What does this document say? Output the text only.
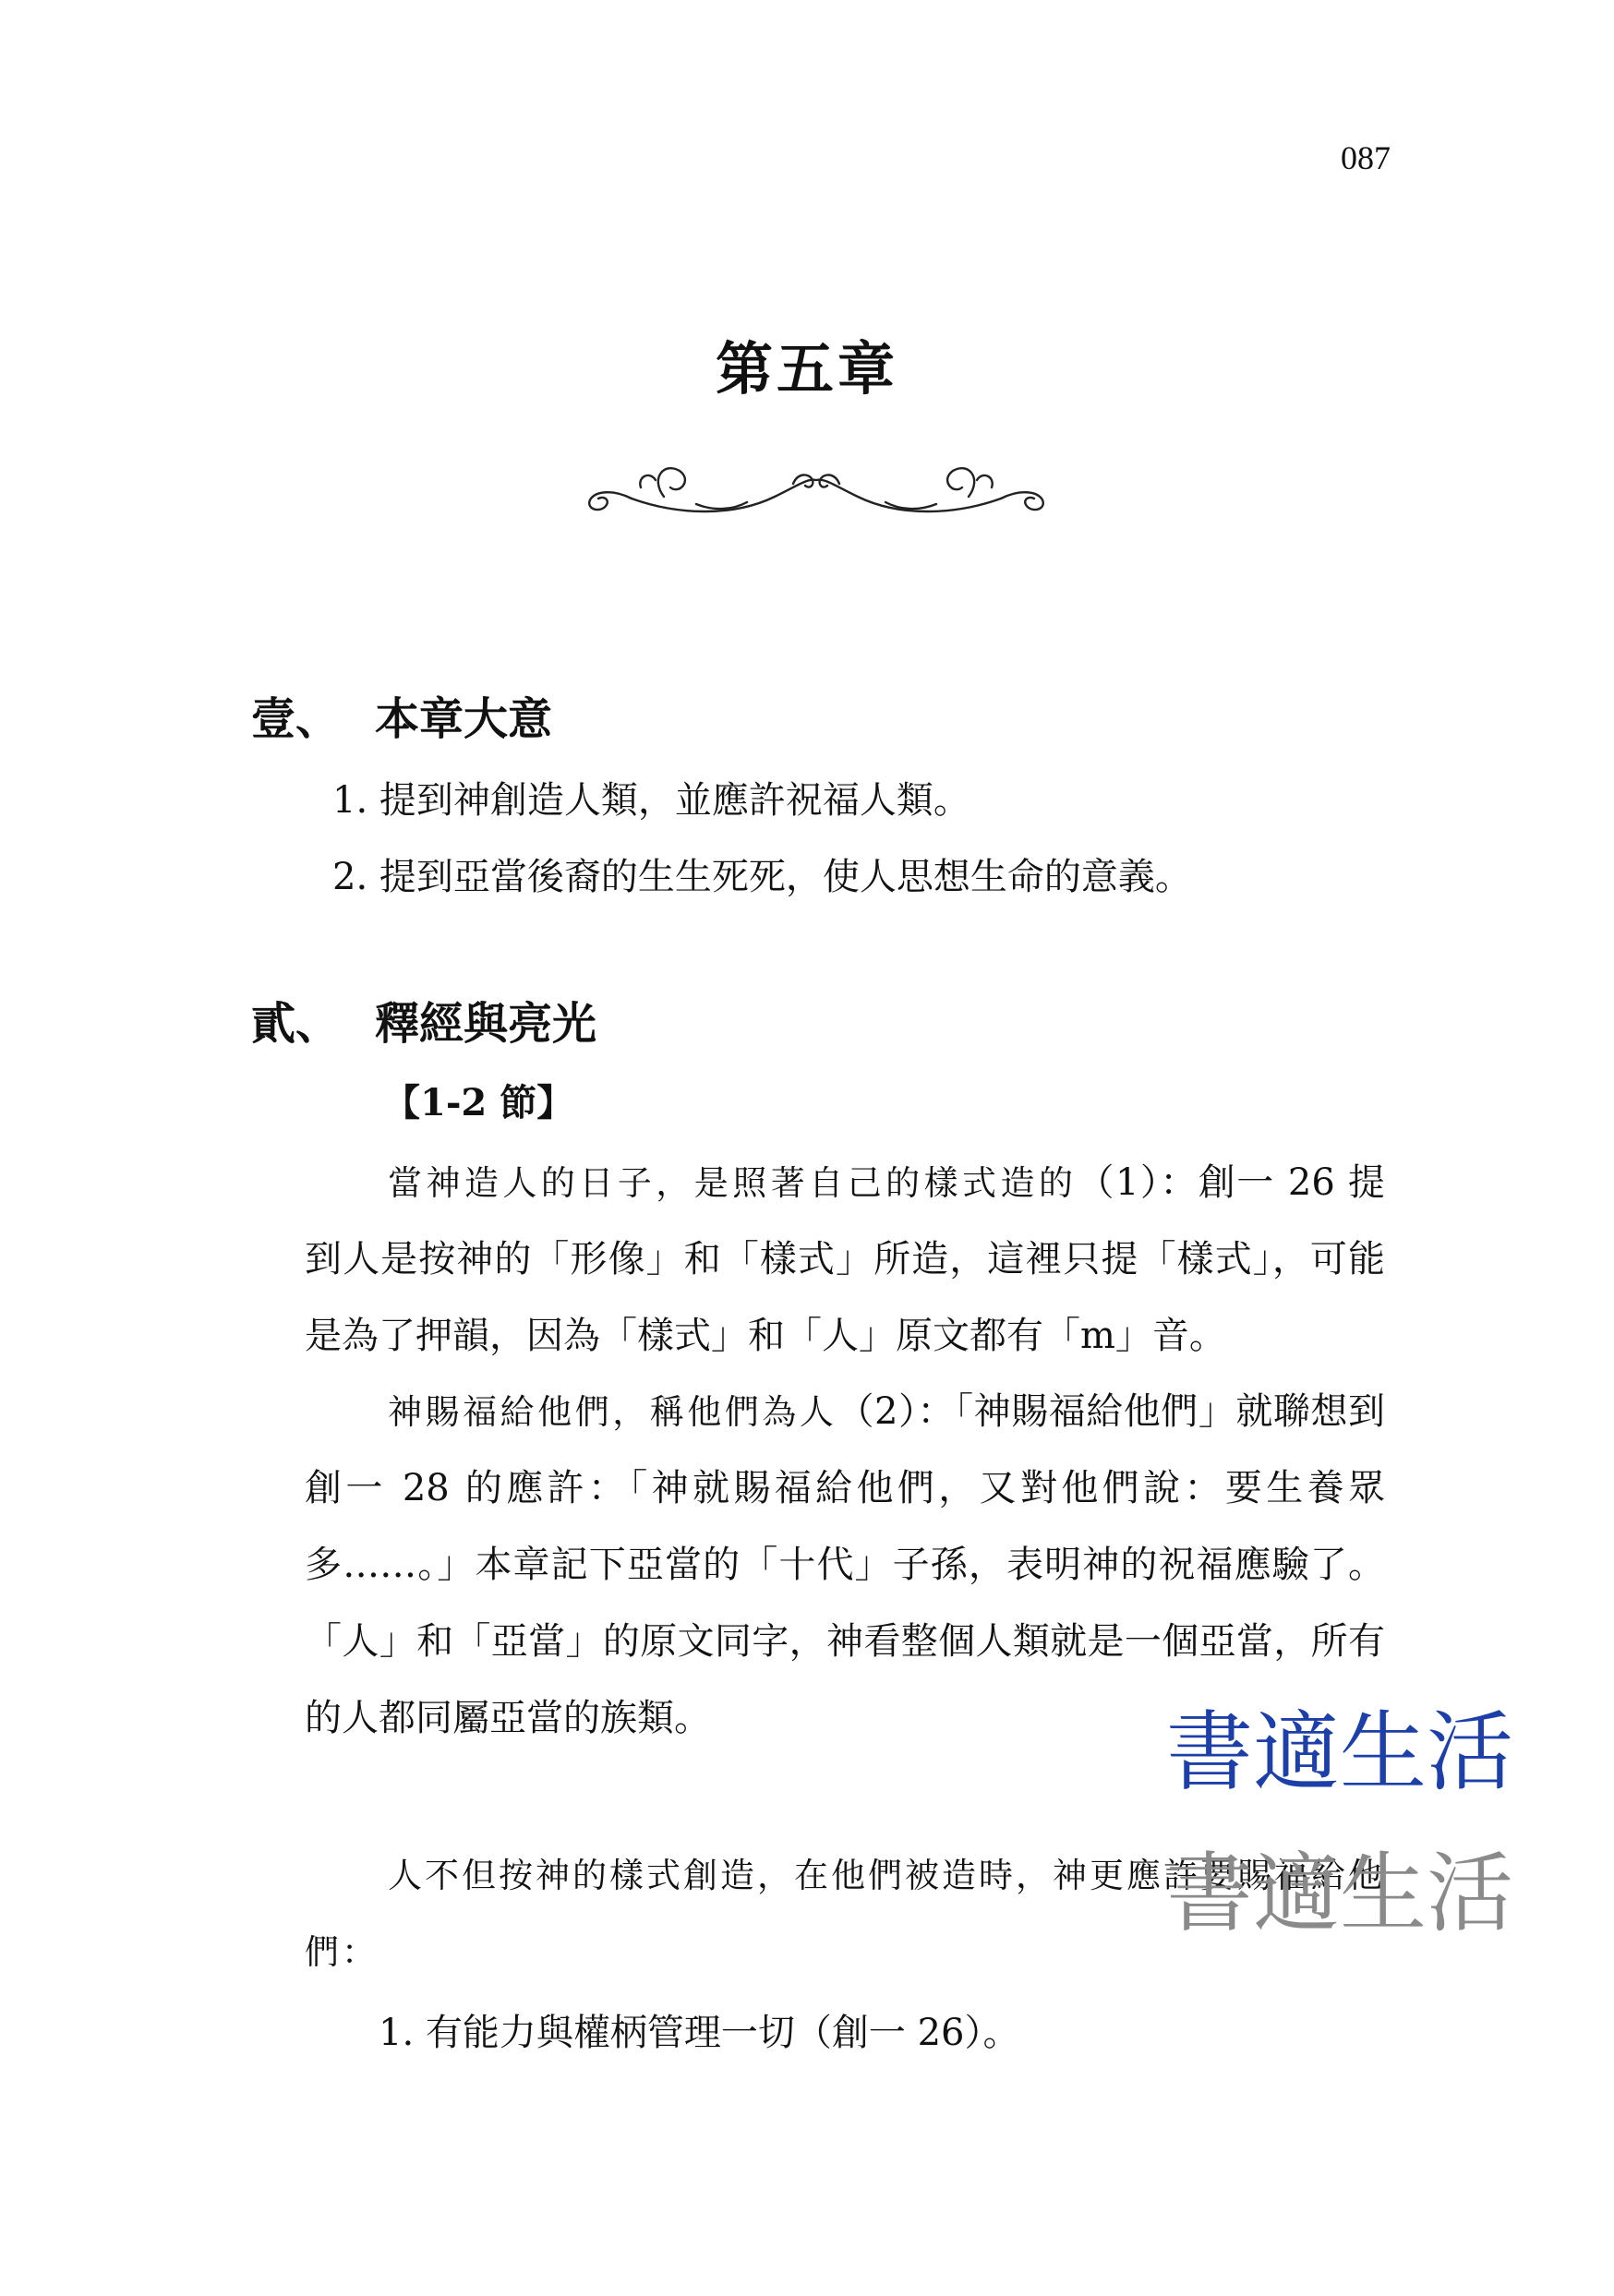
087
第五章
壹、 本章大意
1. 提到神創造人類，並應許祝福人類。
2. 提到亞當後裔的生生死死，使人思想生命的意義。
貳、 釋經與亮光
【1-2 節】
當神造人的日子，是照著自己的樣式造的（1）：創一 26 提到人是按神的「形像」和「樣式」所造，這裡只提「樣式」，可能是為了押韻，因為「樣式」和「人」原文都有「m」音。
神賜福給他們，稱他們為人（2）：「神賜福給他們」就聯想到創一 28 的應許：「神就賜福給他們，又對他們說：要生養眾多……。」本章記下亞當的「十代」子孫，表明神的祝福應驗了。「人」和「亞當」的原文同字，神看整個人類就是一個亞當，所有的人都同屬亞當的族類。
人不但按神的樣式創造，在他們被造時，神更應許要賜福給他們：
1. 有能力與權柄管理一切（創一 26）。
書適生活
書適生活
